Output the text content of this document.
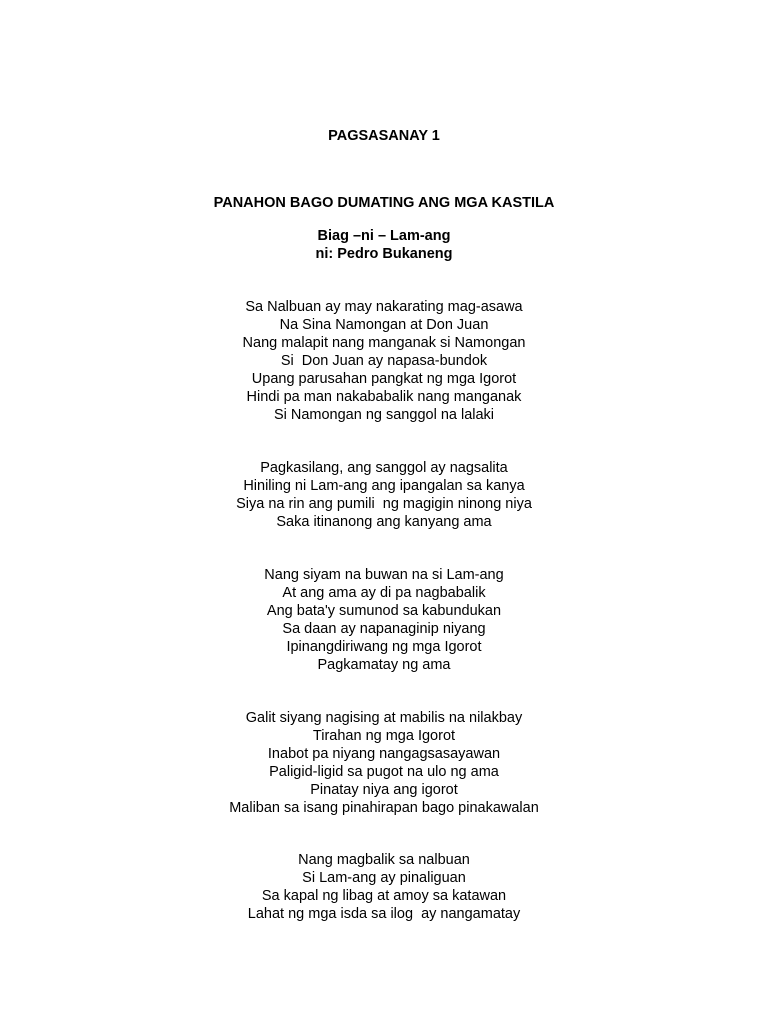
PAGSASANAY 1
PANAHON BAGO DUMATING ANG MGA KASTILA
Biag –ni – Lam-ang
ni: Pedro Bukaneng
Sa Nalbuan ay may nakarating mag-asawa
Na Sina Namongan at Don Juan
Nang malapit nang manganak si Namongan
Si  Don Juan ay napasa-bundok
Upang parusahan pangkat ng mga Igorot
Hindi pa man nakababalik nang manganak
Si Namongan ng sanggol na lalaki
Pagkasilang, ang sanggol ay nagsalita
Hiniling ni Lam-ang ang ipangalan sa kanya
Siya na rin ang pumili  ng magigin ninong niya
Saka itinanong ang kanyang ama
Nang siyam na buwan na si Lam-ang
At ang ama ay di pa nagbabalik
Ang bata'y sumunod sa kabundukan
Sa daan ay napanaginip niyang
Ipinangdiriwang ng mga Igorot
Pagkamatay ng ama
Galit siyang nagising at mabilis na nilakbay
Tirahan ng mga Igorot
Inabot pa niyang nangagsasayawan
Paligid-ligid sa pugot na ulo ng ama
Pinatay niya ang igorot
Maliban sa isang pinahirapan bago pinakawalan
Nang magbalik sa nalbuan
Si Lam-ang ay pinaliguan
Sa kapal ng libag at amoy sa katawan
Lahat ng mga isda sa ilog  ay nangamatay
